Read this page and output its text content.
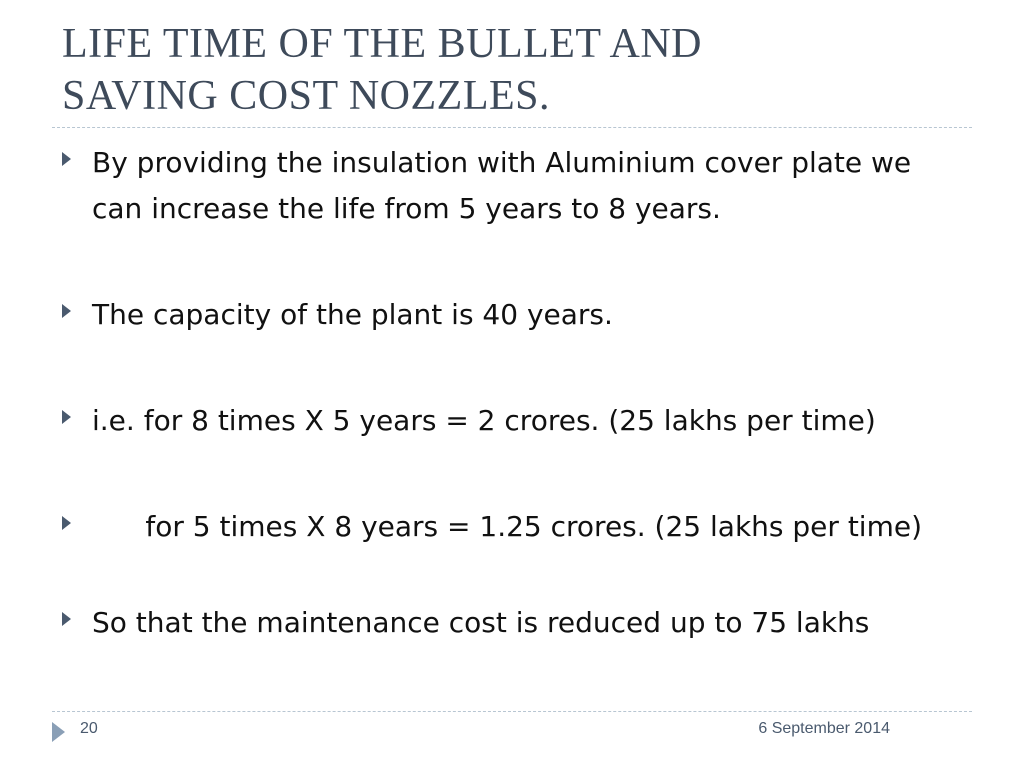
LIFE TIME OF THE BULLET AND
SAVING COST NOZZLES.
By providing the insulation with Aluminium cover plate we can increase the life from 5 years to 8 years.
The capacity of the plant is 40 years.
i.e. for 8 times X 5 years = 2 crores. (25 lakhs per time)
for 5 times X 8 years = 1.25 crores. (25 lakhs per time)
So that the maintenance cost is reduced up to 75 lakhs
20	6 September 2014
